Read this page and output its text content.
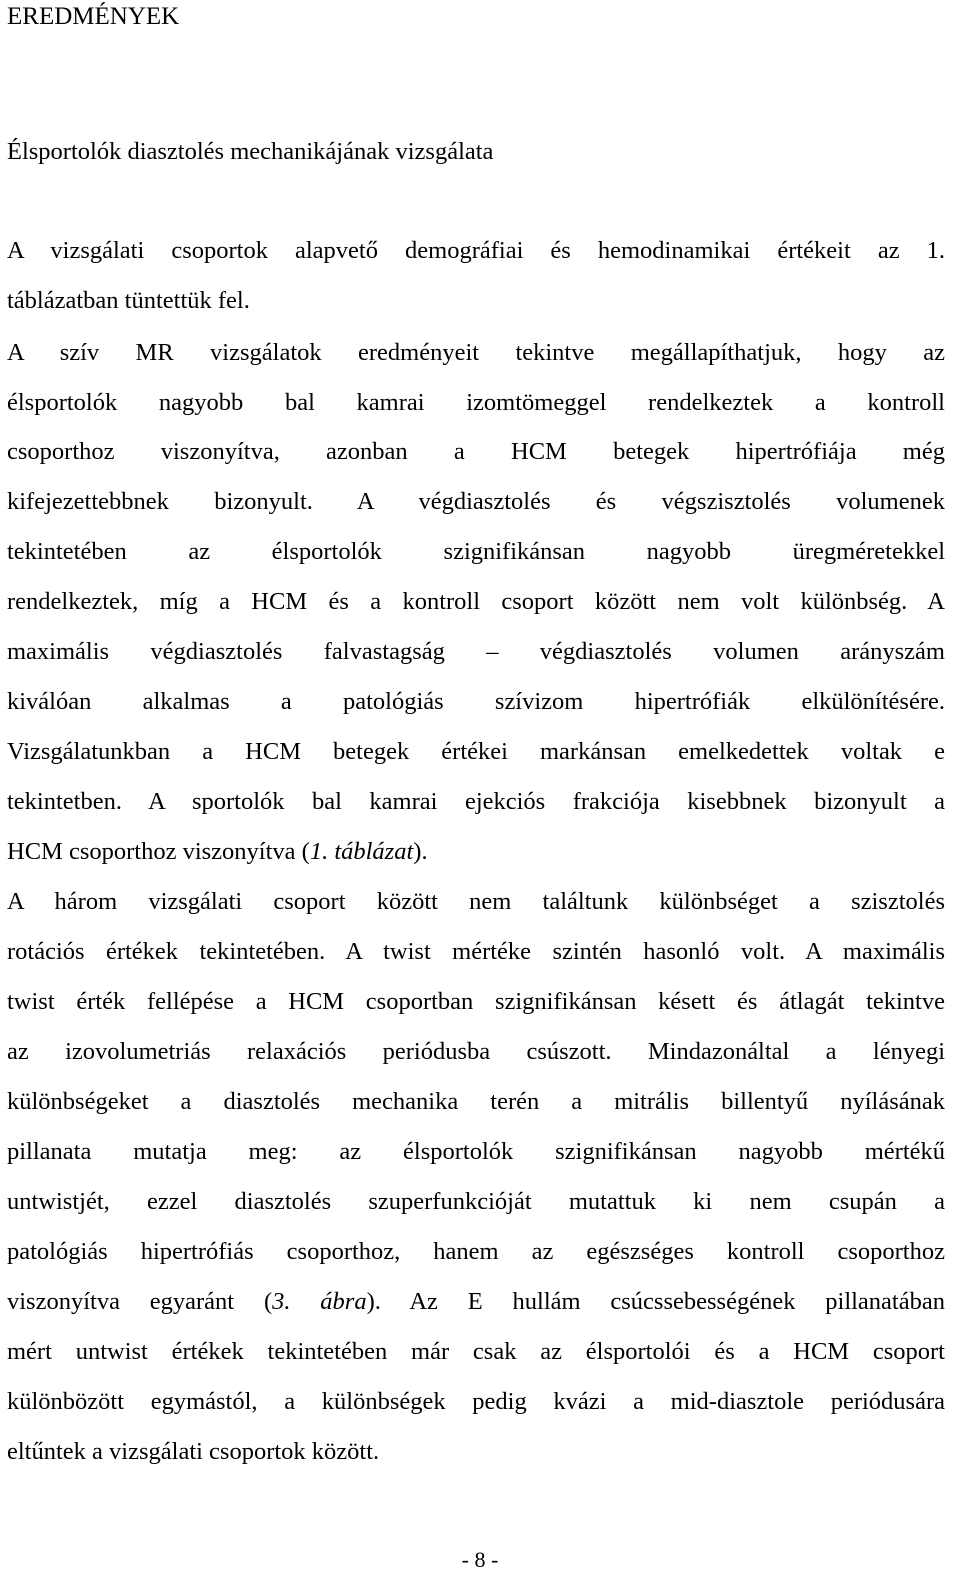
EREDMÉNYEK
Élsportolók diasztolés mechanikájának vizsgálata
A vizsgálati csoportok alapvető demográfiai és hemodinamikai értékeit az 1.
táblázatban tüntettük fel.
A szív MR vizsgálatok eredményeit tekintve megállapíthatjuk, hogy az
élsportolók nagyobb bal kamrai izomtömeggel rendelkeztek a kontroll
csoporthoz viszonyítva, azonban a HCM betegek hipertrófiája még
kifejezettebbnek bizonyult. A végdiasztolés és végszisztolés volumenek
tekintetében az élsportolók szignifikánsan nagyobb üregméretekkel
rendelkeztek, míg a HCM és a kontroll csoport között nem volt különbség. A
maximális végdiasztolés falvastagság – végdiasztolés volumen arányszám
kiválóan alkalmas a patológiás szívizom hipertrófiák elkülönítésére.
Vizsgálatunkban a HCM betegek értékei markánsan emelkedettek voltak e
tekintetben. A sportolók bal kamrai ejekciós frakciója kisebbnek bizonyult a
HCM csoporthoz viszonyítva (1. táblázat).
A három vizsgálati csoport között nem találtunk különbséget a szisztolés
rotációs értékek tekintetében. A twist mértéke szintén hasonló volt. A maximális
twist érték fellépése a HCM csoportban szignifikánsan késett és átlagát tekintve
az izovolumetriás relaxációs periódusba csúszott. Mindazonáltal a lényegi
különbségeket a diasztolés mechanika terén a mitrális billentyű nyílásának
pillanata mutatja meg: az élsportolók szignifikánsan nagyobb mértékű
untwistjét, ezzel diasztolés szuperfunkcióját mutattuk ki nem csupán a
patológiás hipertrófiás csoporthoz, hanem az egészséges kontroll csoporthoz
viszonyítva egyaránt (3. ábra). Az E hullám csúcssebességének pillanatában
mért untwist értékek tekintetében már csak az élsportolói és a HCM csoport
különbözött egymástól, a különbségek pedig kvázi a mid-diasztole periódusára
eltűntek a vizsgálati csoportok között.
- 8 -
